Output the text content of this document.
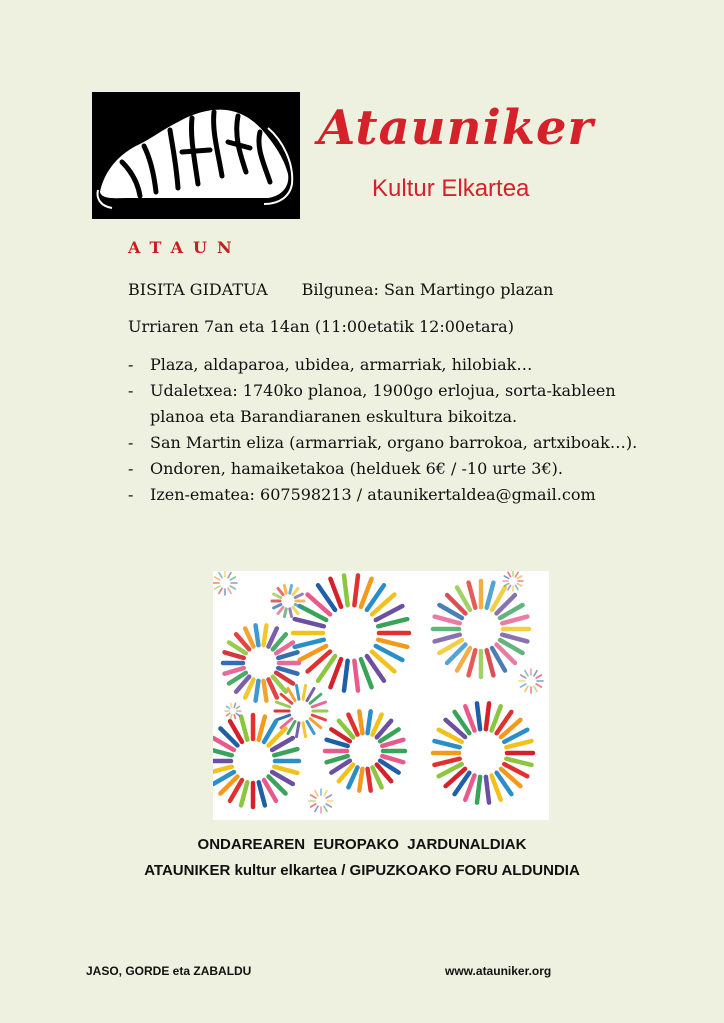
Atauniker
Kultur Elkartea
ATAUN
BISITA GIDATUA Bilgunea: San Martingo plazan
Urriaren 7an eta 14an (11:00etatik 12:00etara)
- Plaza, aldaparoa, ubidea, armarriak, hilobiak…
- Udaletxea: 1740ko planoa, 1900go erlojua, sorta-kableen planoa eta Barandiaranen eskultura bikoitza.
- San Martin eliza (armarriak, organo barrokoa, artxiboak…).
- Ondoren, hamaiketakoa (helduek 6€ / -10 urte 3€).
- Izen-ematea: 607598213 / ataunikertaldea@gmail.com
ONDAREAREN  EUROPAKO  JARDUNALDIAK
ATAUNIKER kultur elkartea / GIPUZKOAKO FORU ALDUNDIA
JASO, GORDE eta ZABALDU	www.atauniker.org
